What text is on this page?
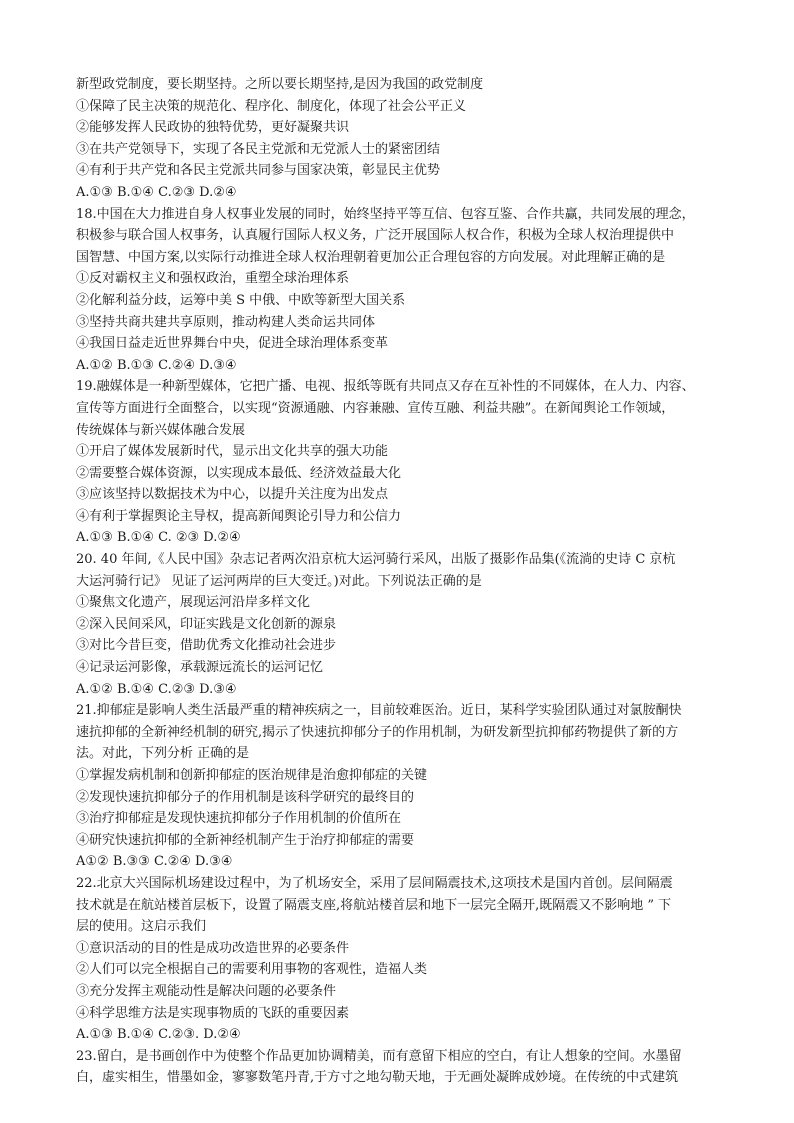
新型政党制度，要长期坚持。之所以要长期坚持,是因为我国的政党制度
①保障了民主决策的规范化、程序化、制度化，体现了社会公平正义
②能够发挥人民政协的独特优势，更好凝聚共识
③在共产党领导下，实现了各民主党派和无党派人士的紧密团结
④有利于共产党和各民主党派共同参与国家决策，彰显民主优势
A.①③ B.①④ C.②③ D.②④
18.中国在大力推进自身人权事业发展的同时，始终坚持平等互信、包容互鉴、合作共赢，共同发展的理念，
积极参与联合国人权事务，认真履行国际人权义务，广泛开展国际人权合作，积极为全球人权治理提供中
国智慧、中国方案,以实际行动推进全球人权治理朝着更加公正合理包容的方向发展。对此理解正确的是
①反对霸权主义和强权政治，重塑全球治理体系
②化解利益分歧，运筹中美 S 中俄、中欧等新型大国关系
③坚持共商共建共享原则，推动构建人类命运共同体
④我国日益走近世界舞台中央，促进全球治理体系变革
A.①② B.①③ C.②④ D.③④
19.融媒体是一种新型媒体，它把广播、电视、报纸等既有共同点又存在互补性的不同媒体，在人力、内容、
宣传等方面进行全面整合，以实现“资源通融、内容兼融、宣传互融、利益共融”。在新闻舆论工作领域，
传统媒体与新兴媒体融合发展
①开启了媒体发展新时代，显示出文化共享的强大功能
②需要整合媒体资源，以实现成本最低、经济效益最大化
③应该坚持以数据技术为中心，以提升关注度为出发点
④有利于掌握舆论主导权，提高新闻舆论引导力和公信力
A.①③ B.①④ C. ②③ D.②④
20. 40 年间,《人民中国》杂志记者两次沿京杭大运河骑行采风，出版了摄影作品集(《流淌的史诗 C 京杭
大运河骑行记》 见证了运河两岸的巨大变迁。)对此。下列说法正确的是
①聚焦文化遗产，展现运河沿岸多样文化
②深入民间采风，印证实践是文化创新的源泉
③对比今昔巨变，借助优秀文化推动社会进步
④记录运河影像，承载源远流长的运河记忆
A.①② B.①④ C.②③ D.③④
21.抑郁症是影响人类生活最严重的精神疾病之一，目前较难医治。近日，某科学实验团队通过对氯胺酮快
速抗抑郁的全新神经机制的研究,揭示了快速抗抑郁分子的作用机制，为研发新型抗抑郁药物提供了新的方
法。对此，下列分析 正确的是
①掌握发病机制和创新抑郁症的医治规律是治愈抑郁症的关键
②发现快速抗抑郁分子的作用机制是该科学研究的最终目的
③治疗抑郁症是发现快速抗抑郁分子作用机制的价值所在
④研究快速抗抑郁的全新神经机制产生于治疗抑郁症的需要
A①② B.③③ C.②④ D.③④
22.北京大兴国际机场建设过程中，为了机场安全，采用了层间隔震技术,这项技术是国内首创。层间隔震
技术就是在航站楼首层板下，设置了隔震支座,将航站楼首层和地下一层完全隔开,既隔震又不影响地 ” 下
层的使用。这启示我们
①意识活动的目的性是成功改造世界的必要条件
②人们可以完全根据自己的需要利用事物的客观性，造福人类
③充分发挥主观能动性是解决问题的必要条件
④科学思维方法是实现事物质的飞跃的重要因素
A.①③ B.①④ C.②③. D.②④
23.留白，是书画创作中为使整个作品更加协调精美，而有意留下相应的空白，有让人想象的空间。水墨留
白，虚实相生，惜墨如金，寥寥数笔丹青,于方寸之地勾勒天地，于无画处凝眸成妙境。在传统的中式建筑
